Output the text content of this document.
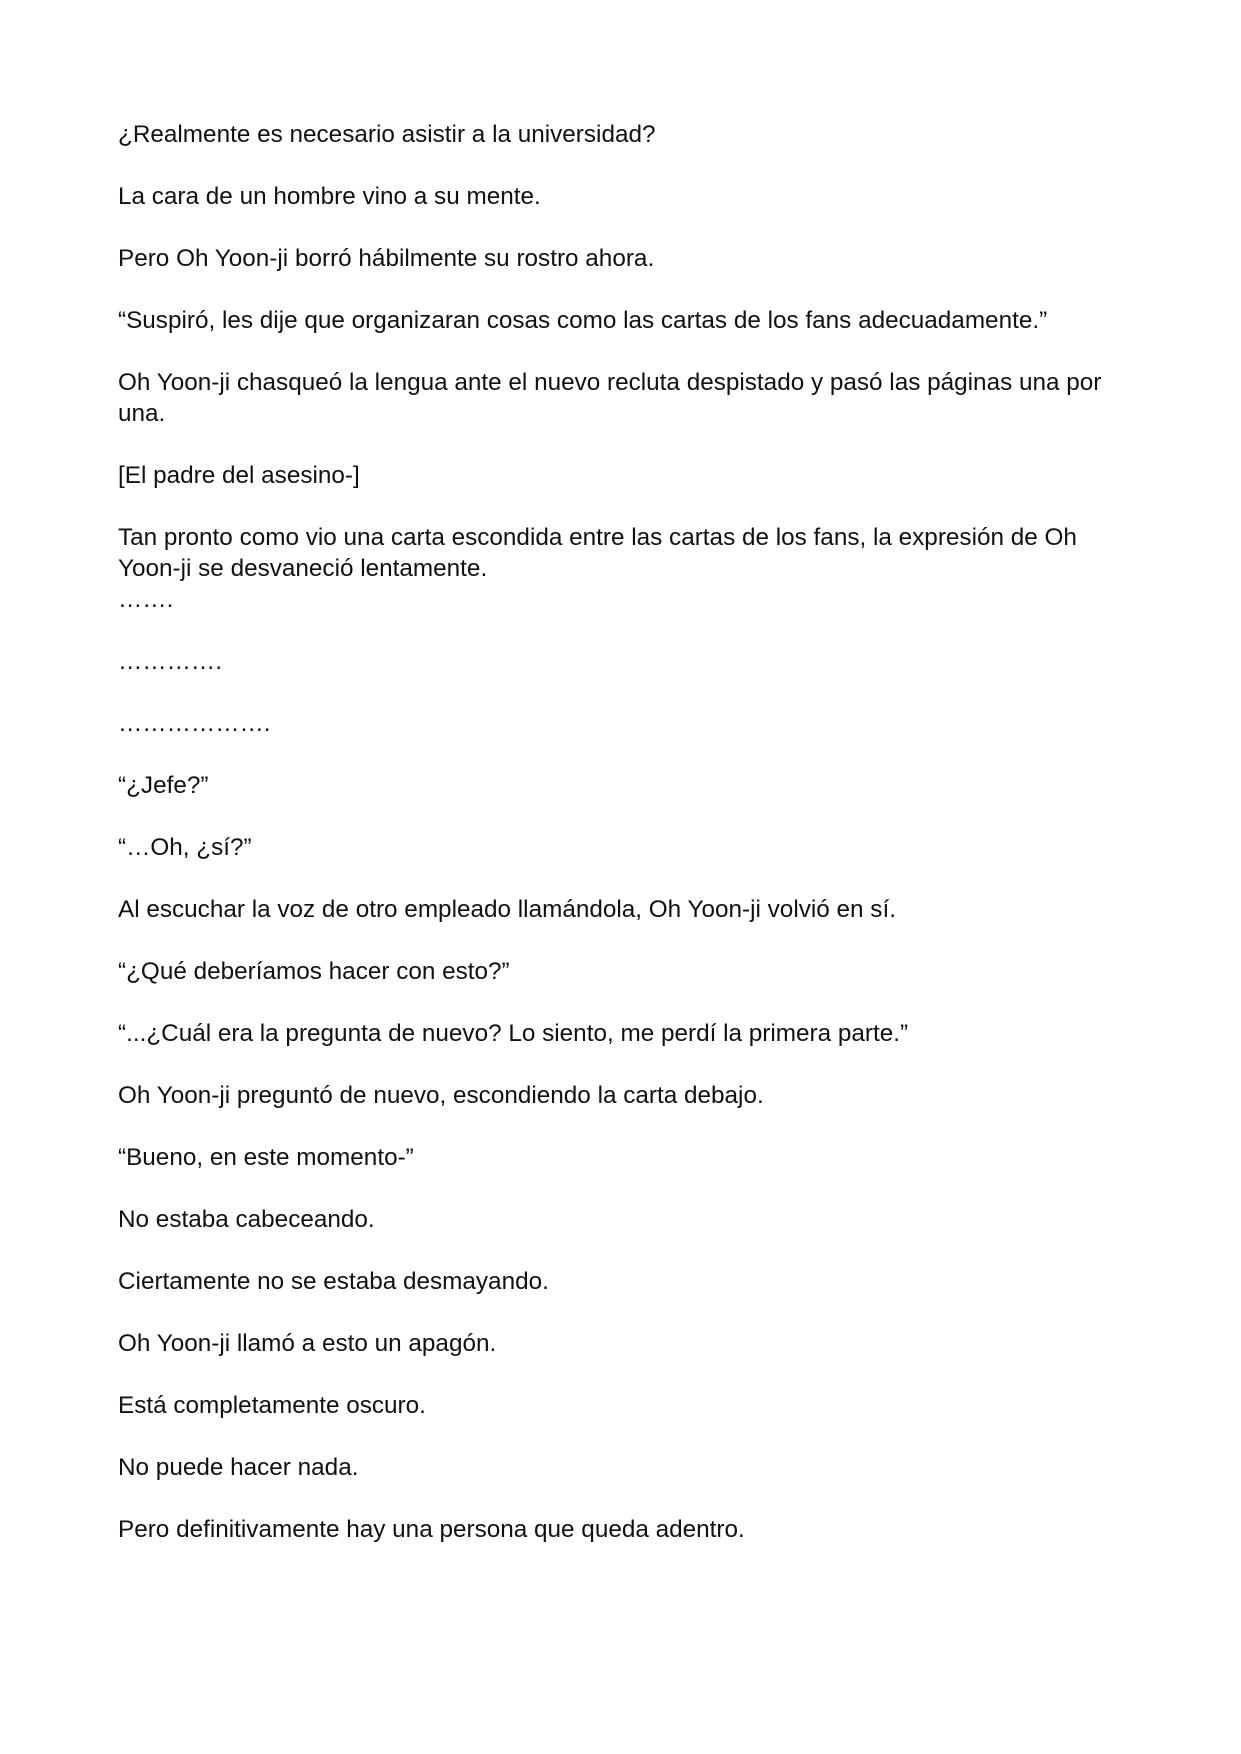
¿Realmente es necesario asistir a la universidad?

La cara de un hombre vino a su mente.

Pero Oh Yoon-ji borró hábilmente su rostro ahora.

“Suspiró, les dije que organizaran cosas como las cartas de los fans adecuadamente.”

Oh Yoon-ji chasqueó la lengua ante el nuevo recluta despistado y pasó las páginas una por una.

[El padre del asesino-]

Tan pronto como vio una carta escondida entre las cartas de los fans, la expresión de Oh Yoon-ji se desvaneció lentamente.

…….

………….

……………….

“¿Jefe?”

“…Oh, ¿sí?”

Al escuchar la voz de otro empleado llamándola, Oh Yoon-ji volvió en sí.

“¿Qué deberíamos hacer con esto?”

“...¿Cuál era la pregunta de nuevo? Lo siento, me perdí la primera parte.”

Oh Yoon-ji preguntó de nuevo, escondiendo la carta debajo.

“Bueno, en este momento-”

No estaba cabeceando.

Ciertamente no se estaba desmayando.

Oh Yoon-ji llamó a esto un apagón.

Está completamente oscuro.

No puede hacer nada.

Pero definitivamente hay una persona que queda adentro.
